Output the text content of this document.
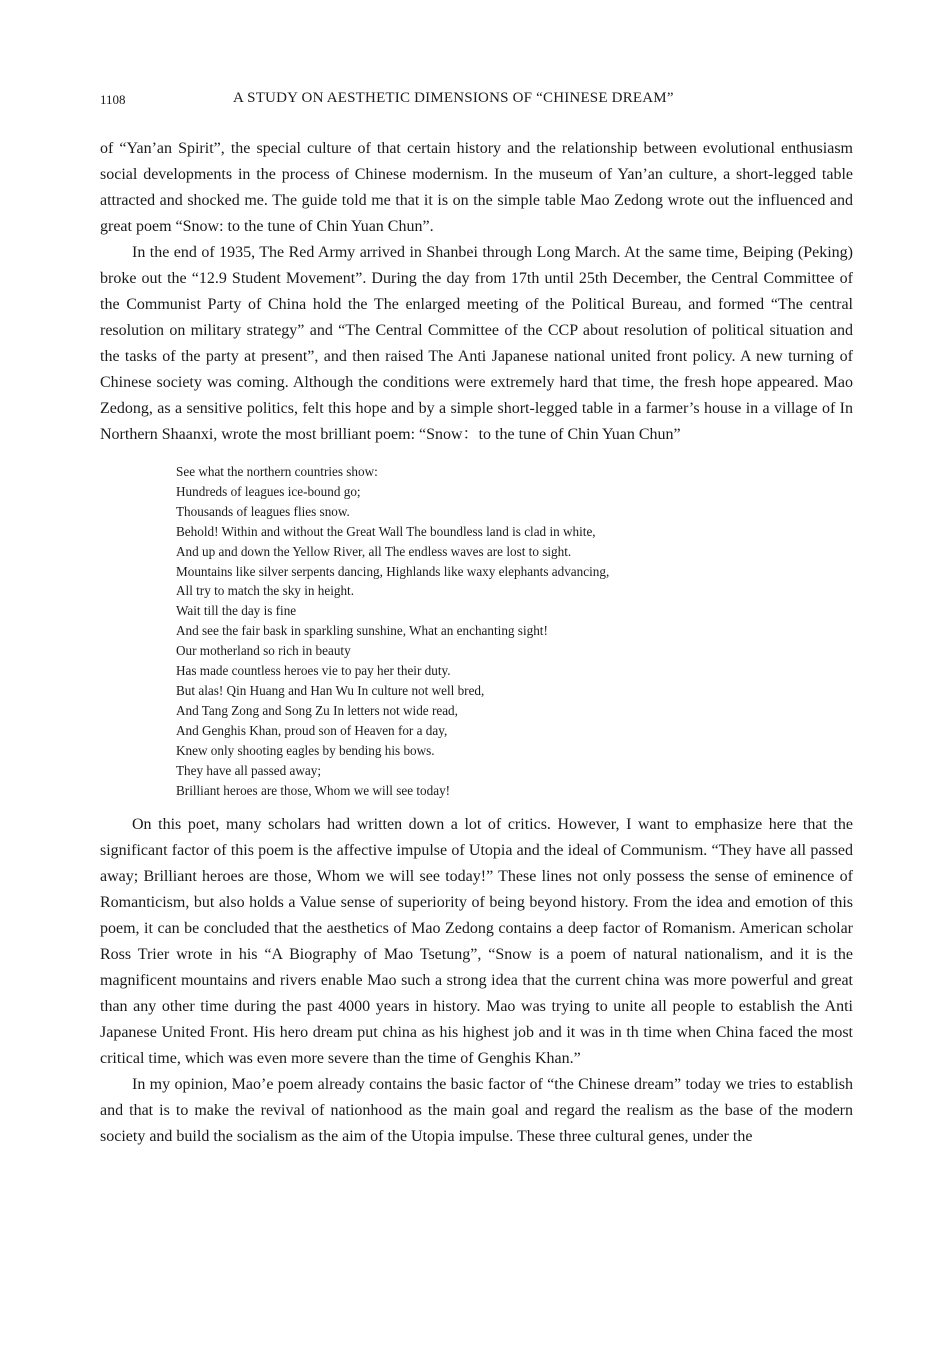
1108	A STUDY ON AESTHETIC DIMENSIONS OF “CHINESE DREAM”

of “Yan’an Spirit”, the special culture of that certain history and the relationship between evolutional enthusiasm social developments in the process of Chinese modernism. In the museum of Yan’an culture, a short-legged table attracted and shocked me. The guide told me that it is on the simple table Mao Zedong wrote out the influenced and great poem “Snow: to the tune of Chin Yuan Chun”.

In the end of 1935, The Red Army arrived in Shanbei through Long March. At the same time, Beiping (Peking) broke out the “12.9 Student Movement”. During the day from 17th until 25th December, the Central Committee of the Communist Party of China hold the The enlarged meeting of the Political Bureau, and formed “The central resolution on military strategy” and “The Central Committee of the CCP about resolution of political situation and the tasks of the party at present”, and then raised The Anti Japanese national united front policy. A new turning of Chinese society was coming. Although the conditions were extremely hard that time, the fresh hope appeared. Mao Zedong, as a sensitive politics, felt this hope and by a simple short-legged table in a farmer’s house in a village of In Northern Shaanxi, wrote the most brilliant poem: “Snow：to the tune of Chin Yuan Chun”

See what the northern countries show:
Hundreds of leagues ice-bound go;
Thousands of leagues flies snow.
Behold! Within and without the Great Wall The boundless land is clad in white,
And up and down the Yellow River, all The endless waves are lost to sight.
Mountains like silver serpents dancing, Highlands like waxy elephants advancing,
All try to match the sky in height.
Wait till the day is fine
And see the fair bask in sparkling sunshine, What an enchanting sight!
Our motherland so rich in beauty
Has made countless heroes vie to pay her their duty.
But alas! Qin Huang and Han Wu In culture not well bred,
And Tang Zong and Song Zu In letters not wide read,
And Genghis Khan, proud son of Heaven for a day,
Knew only shooting eagles by bending his bows.
They have all passed away;
Brilliant heroes are those, Whom we will see today!

On this poet, many scholars had written down a lot of critics. However, I want to emphasize here that the significant factor of this poem is the affective impulse of Utopia and the ideal of Communism. “They have all passed away; Brilliant heroes are those, Whom we will see today!” These lines not only possess the sense of eminence of Romanticism, but also holds a Value sense of superiority of being beyond history. From the idea and emotion of this poem, it can be concluded that the aesthetics of Mao Zedong contains a deep factor of Romanism. American scholar Ross Trier wrote in his “A Biography of Mao Tsetung”, “Snow is a poem of natural nationalism, and it is the magnificent mountains and rivers enable Mao such a strong idea that the current china was more powerful and great than any other time during the past 4000 years in history. Mao was trying to unite all people to establish the Anti Japanese United Front. His hero dream put china as his highest job and it was in th time when China faced the most critical time, which was even more severe than the time of Genghis Khan.”

In my opinion, Mao’e poem already contains the basic factor of “the Chinese dream” today we tries to establish and that is to make the revival of nationhood as the main goal and regard the realism as the base of the modern society and build the socialism as the aim of the Utopia impulse. These three cultural genes, under the
